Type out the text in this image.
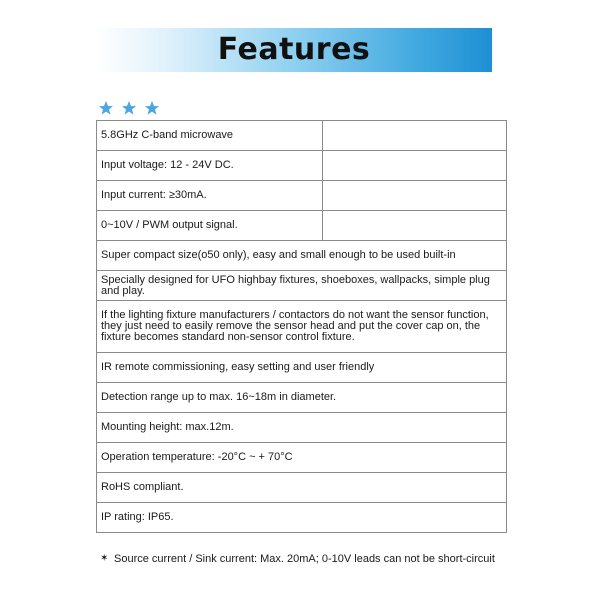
Features
5.8GHz C-band microwave	
Input voltage: 12 - 24V DC.	
Input current: ≥30mA.	
0~10V / PWM output signal.	
Super compact size(o50 only), easy and small enough to be used built-in	
Specially designed for UFO highbay fixtures, shoeboxes, wallpacks, simple plug and play.	
If the lighting fixture manufacturers / contactors do not want the sensor function, they just need to easily remove the sensor head and put the cover cap on, the fixture becomes standard non-sensor control fixture.	
IR remote commissioning, easy setting and user friendly	
Detection range up to max. 16~18m in diameter.	
Mounting height: max.12m.	
Operation temperature: -20°C ~ + 70°C	
RoHS compliant.	
IP rating: IP65.	
✶ Source current / Sink current: Max. 20mA; 0-10V leads can not be short-circuit
